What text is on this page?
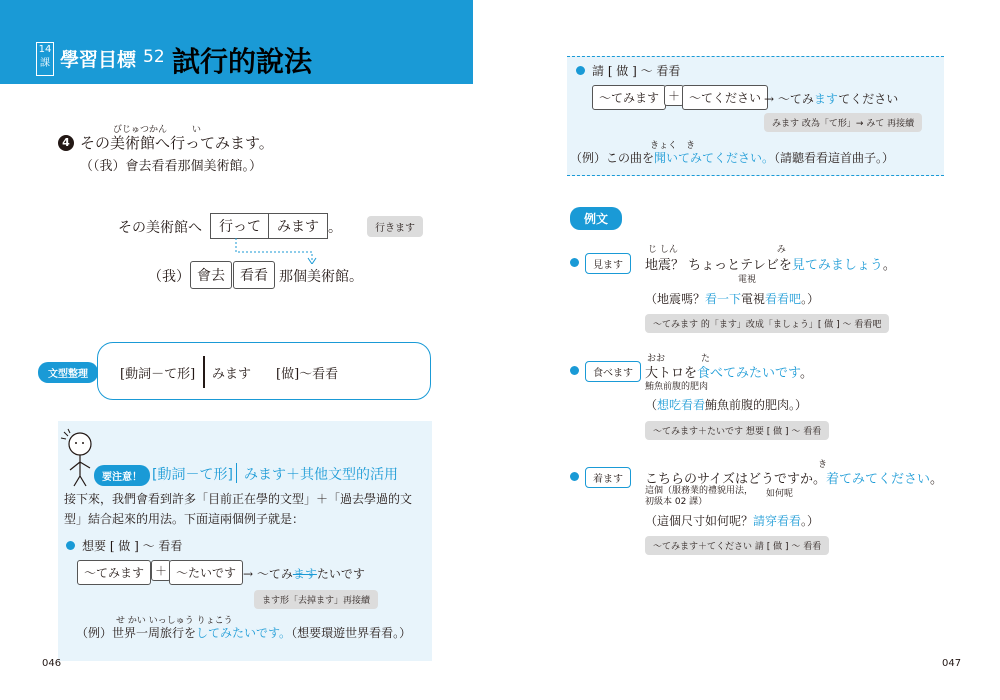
14
課 學習目標 52 試行的說法
びじゅつかん	い
4 その美術館へ行ってみます。
（（我）會去看看那個美術館。）
その美術館へ	行って	みます 。	行きます
（我） 會去	看看 那個美術館。
文型整理	[動詞－て形] みます [做]～看看
要注意！ [動詞－て形] みます＋其他文型的活用
接下來，我們會看到許多「目前正在學的文型」＋「過去學過的文型」結合起來的用法。下面這兩個例子就是：
想要 [ 做 ] ～ 看看
～てみます ＋ ～たいです → ～てみますたいです
ます形「去掉ます」再接續
せ かい いっしゅう りょこう
（例）世界一周旅行をしてみたいです。（想要環遊世界看看。）
046
請 [ 做 ] ～ 看看
～てみます ＋ ～てください → ～てみますてください
みます 改為「て形」→ みて 再接續
きょく　き
（例）この曲を聞いてみてください。（請聽看看這首曲子。）
例文
見ます
じ しん　　　　　　　　　　　み
地震？ ちょっとテレビを見てみましょう。
電視
（地震嗎？看一下電視看看吧。）
～てみます 的「ます」改成「ましょう」[ 做 ] ～ 看看吧
食べます
おお　　　　た
大トロを食べてみたいです。
鮪魚前腹的肥肉
（想吃看看鮪魚前腹的肥肉。）
～てみます＋たいです 想要 [ 做 ] ～ 看看
着ます
き
こちらのサイズはどうですか。着てみてください。
這個（服務業的禮貌用法，初級本 02 課）
如何呢
（這個尺寸如何呢？請穿看看。）
～てみます＋てください 請 [ 做 ] ～ 看看
047
